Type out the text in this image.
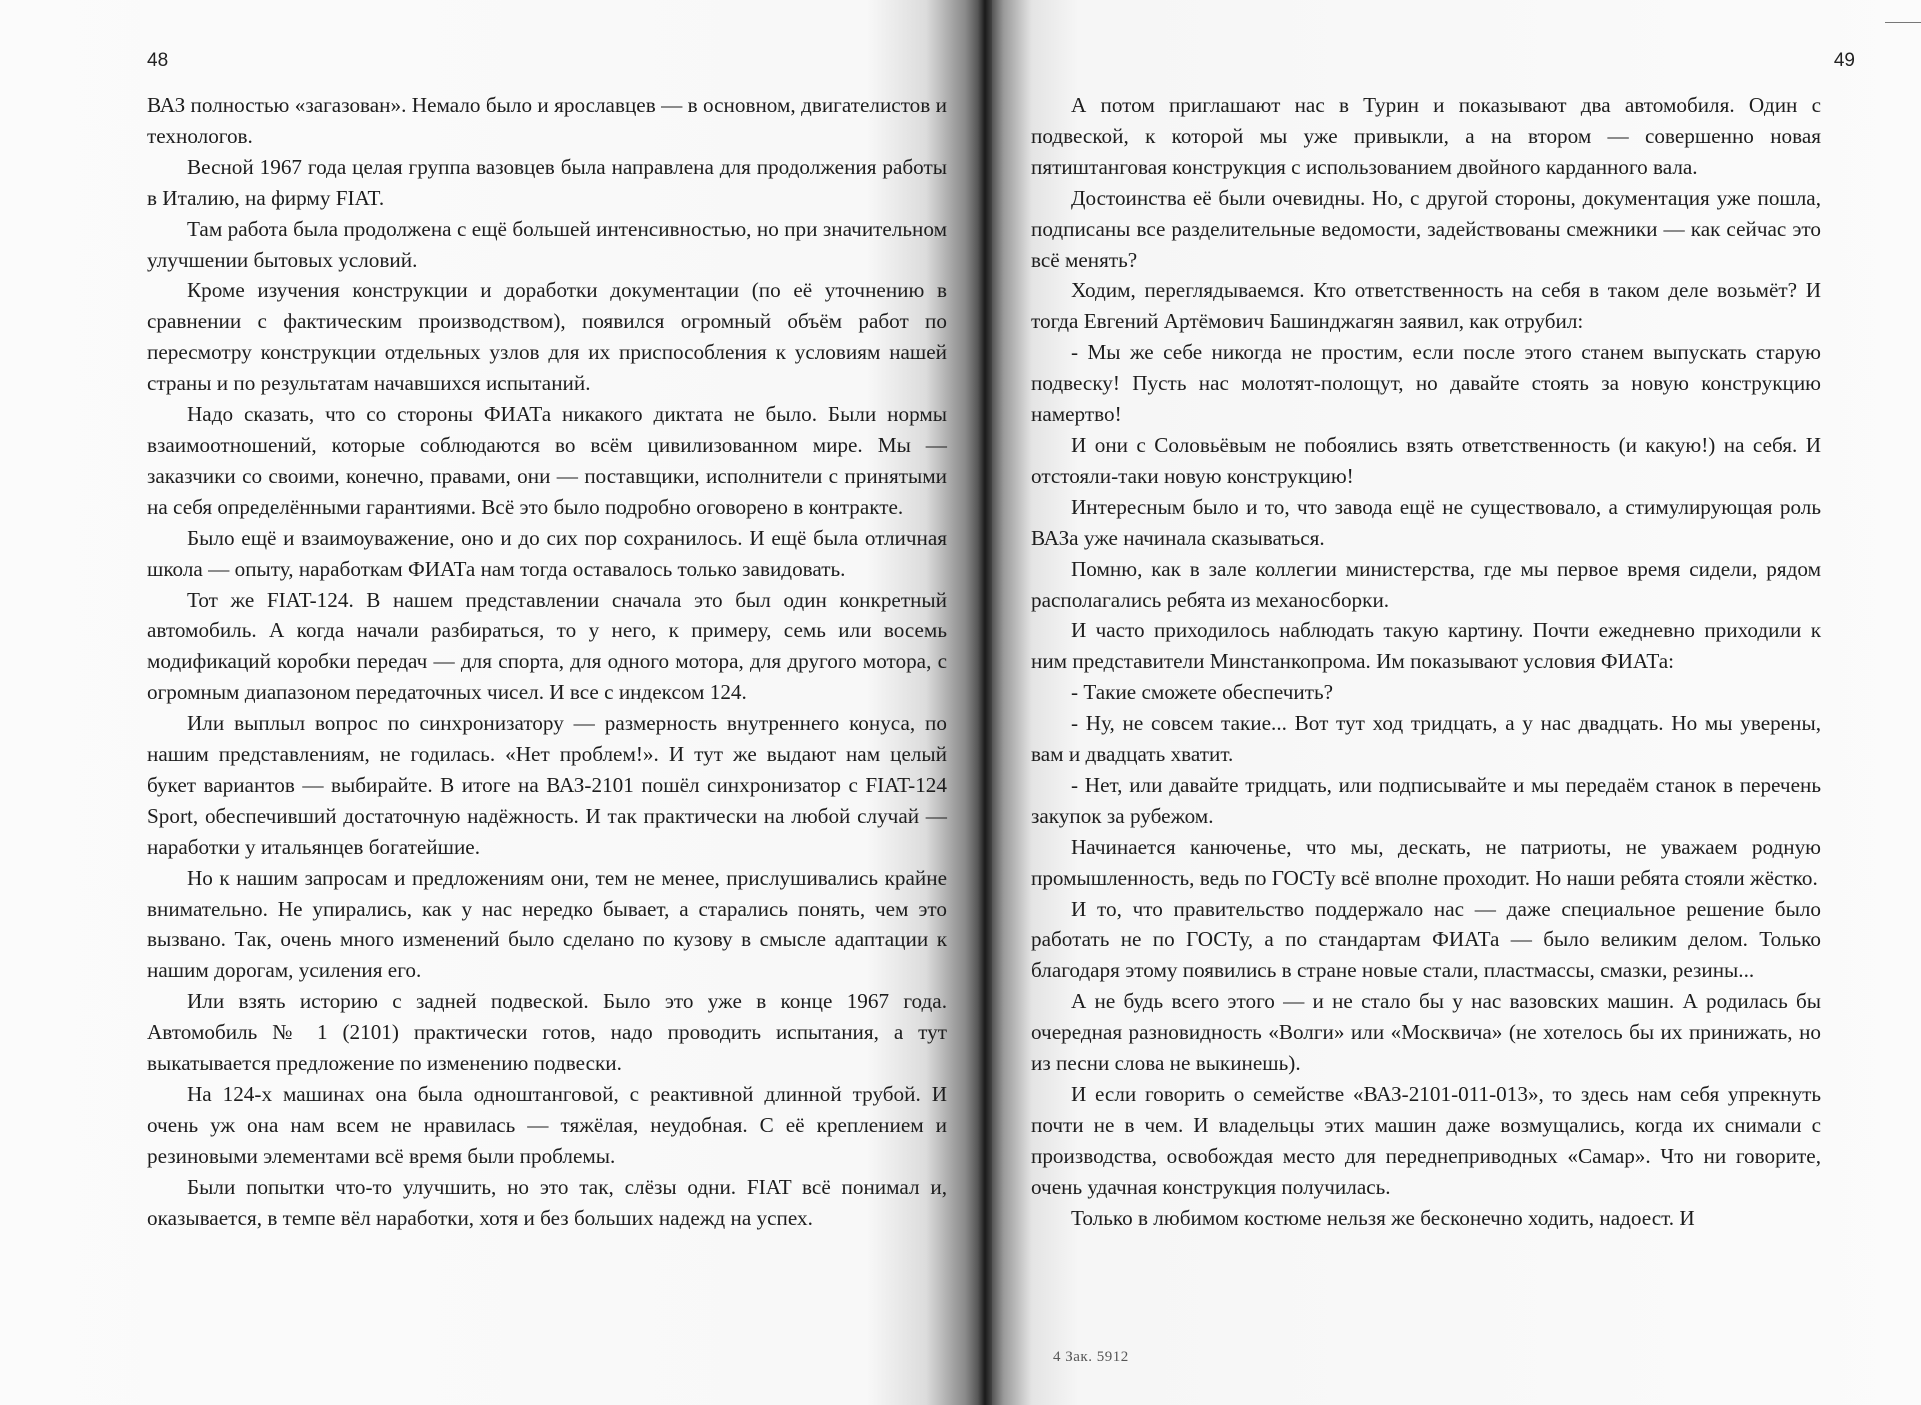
48

ВАЗ полностью «загазован». Немало было и ярославцев — в основном, двигателистов и технологов.

Весной 1967 года целая группа вазовцев была направлена для продолжения работы в Италию, на фирму FIAT.

Там работа была продолжена с ещё большей интенсивностью, но при значительном улучшении бытовых условий.

Кроме изучения конструкции и доработки документации (по её уточнению в сравнении с фактическим производством), появился огромный объём работ по пересмотру конструкции отдельных узлов для их приспособления к условиям нашей страны и по результатам начавшихся испытаний.

Надо сказать, что со стороны ФИАТа никакого диктата не было. Были нормы взаимоотношений, которые соблюдаются во всём цивилизованном мире. Мы — заказчики со своими, конечно, правами, они — поставщики, исполнители с принятыми на себя определёнными гарантиями. Всё это было подробно оговорено в контракте.

Было ещё и взаимоуважение, оно и до сих пор сохранилось. И ещё была отличная школа — опыту, наработкам ФИАТа нам тогда оставалось только завидовать.

Тот же FIAT-124. В нашем представлении сначала это был один конкретный автомобиль. А когда начали разбираться, то у него, к примеру, семь или восемь модификаций коробки передач — для спорта, для одного мотора, для другого мотора, с огромным диапазоном передаточных чисел. И все с индексом 124.

Или выплыл вопрос по синхронизатору — размерность внутреннего конуса, по нашим представлениям, не годилась. «Нет проблем!». И тут же выдают нам целый букет вариантов — выбирайте. В итоге на ВАЗ-2101 пошёл синхронизатор с FIAT-124 Sport, обеспечивший достаточную надёжность. И так практически на любой случай — наработки у итальянцев богатейшие.

Но к нашим запросам и предложениям они, тем не менее, прислушивались крайне внимательно. Не упирались, как у нас нередко бывает, а старались понять, чем это вызвано. Так, очень много изменений было сделано по кузову в смысле адаптации к нашим дорогам, усиления его.

Или взять историю с задней подвеской. Было это уже в конце 1967 года. Автомобиль № 1 (2101) практически готов, надо проводить испытания, а тут выкатывается предложение по изменению подвески.

На 124-х машинах она была одноштанговой, с реактивной длинной трубой. И очень уж она нам всем не нравилась — тяжёлая, неудобная. С её креплением и резиновыми элементами всё время были проблемы.

Были попытки что-то улучшить, но это так, слёзы одни. FIAT всё понимал и, оказывается, в темпе вёл наработки, хотя и без больших надежд на успех.

49

А потом приглашают нас в Турин и показывают два автомобиля. Один с подвеской, к которой мы уже привыкли, а на втором — совершенно новая пятиштанговая конструкция с использованием двойного карданного вала.

Достоинства её были очевидны. Но, с другой стороны, документация уже пошла, подписаны все разделительные ведомости, задействованы смежники — как сейчас это всё менять?

Ходим, переглядываемся. Кто ответственность на себя в таком деле возьмёт? И тогда Евгений Артёмович Башинджагян заявил, как отрубил:

- Мы же себе никогда не простим, если после этого станем выпускать старую подвеску! Пусть нас молотят-полощут, но давайте стоять за новую конструкцию намертво!

И они с Соловьёвым не побоялись взять ответственность (и какую!) на себя. И отстояли-таки новую конструкцию!

Интересным было и то, что завода ещё не существовало, а стимулирующая роль ВАЗа уже начинала сказываться.

Помню, как в зале коллегии министерства, где мы первое время сидели, рядом располагались ребята из механосборки.

И часто приходилось наблюдать такую картину. Почти ежедневно приходили к ним представители Минстанкопрома. Им показывают условия ФИАТа:

- Такие сможете обеспечить?

- Ну, не совсем такие... Вот тут ход тридцать, а у нас двадцать. Но мы уверены, вам и двадцать хватит.

- Нет, или давайте тридцать, или подписывайте и мы передаём станок в перечень закупок за рубежом.

Начинается канюченье, что мы, дескать, не патриоты, не уважаем родную промышленность, ведь по ГОСТу всё вполне проходит. Но наши ребята стояли жёстко.

И то, что правительство поддержало нас — даже специальное решение было работать не по ГОСТу, а по стандартам ФИАТа — было великим делом. Только благодаря этому появились в стране новые стали, пластмассы, смазки, резины...

А не будь всего этого — и не стало бы у нас вазовских машин. А родилась бы очередная разновидность «Волги» или «Москвича» (не хотелось бы их принижать, но из песни слова не выкинешь).

И если говорить о семействе «ВАЗ-2101-011-013», то здесь нам себя упрекнуть почти не в чем. И владельцы этих машин даже возмущались, когда их снимали с производства, освобождая место для переднеприводных «Самар». Что ни говорите, очень удачная конструкция получилась.

Только в любимом костюме нельзя же бесконечно ходить, надоест. И

4 Зак. 5912
